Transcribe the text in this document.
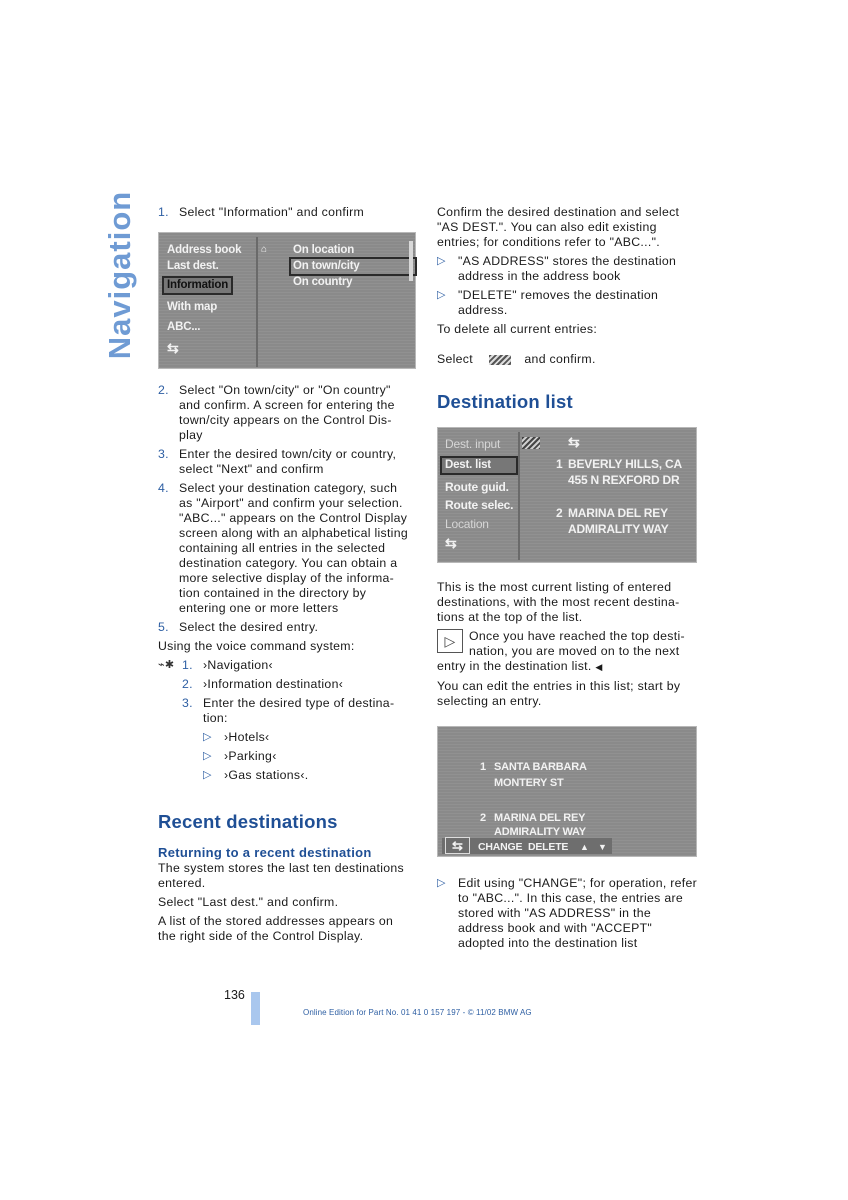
Navigation 1. Select "Information" and confirm
Address book
Last dest.
Information
With map
ABC...
⇆
⌂ On location
On town/city
On country
2. Select "On town/city" or "On country" and confirm. A screen for entering the town/city appears on the Control Dis-play
3. Enter the desired town/city or country, select "Next" and confirm
4. Select your destination category, such as "Airport" and confirm your selection. "ABC..." appears on the Control Display screen along with an alphabetical listing containing all entries in the selected destination category. You can obtain a more selective display of the informa-tion contained in the directory by entering one or more letters
5. Select the desired entry.

Using the voice command system:

⌁✱ 1. ›Navigation‹
2. ›Information destination‹
3. Enter the desired type of destina-tion:
▷ ›Hotels‹
▷ ›Parking‹
▷ ›Gas stations‹.
Recent destinations
Returning to a recent destination

The system stores the last ten destinations entered.

Select "Last dest." and confirm.

A list of the stored addresses appears on the right side of the Control Display.

Confirm the desired destination and select "AS DEST.". You can also edit existing entries; for conditions refer to "ABC...".

▷ "AS ADDRESS" stores the destination address in the address book
▷ "DELETE" removes the destination address.

To delete all current entries:

Select	and confirm.

Destination list
Dest. input	⇆
Dest. list
Route guid.
Route selec.
Location
⇆
1 BEVERLY HILLS, CA
455 N REXFORD DR
2 MARINA DEL REY
ADMIRALITY WAY

This is the most current listing of entered destinations, with the most recent destina-tions at the top of the list.

▷	Once you have reached the top desti-nation, you are moved on to the next entry in the destination list. ◀

You can edit the entries in this list; start by selecting an entry.

1 SANTA BARBARA
MONTERY ST
2 MARINA DEL REY
ADMIRALITY WAY
⇆	CHANGE DELETE ▲ ▼
▷ Edit using "CHANGE"; for operation, refer to "ABC...". In this case, the entries are stored with "AS ADDRESS" in the address book and with "ACCEPT" adopted into the destination list
136
Online Edition for Part No. 01 41 0 157 197 - © 11/02 BMW AG
